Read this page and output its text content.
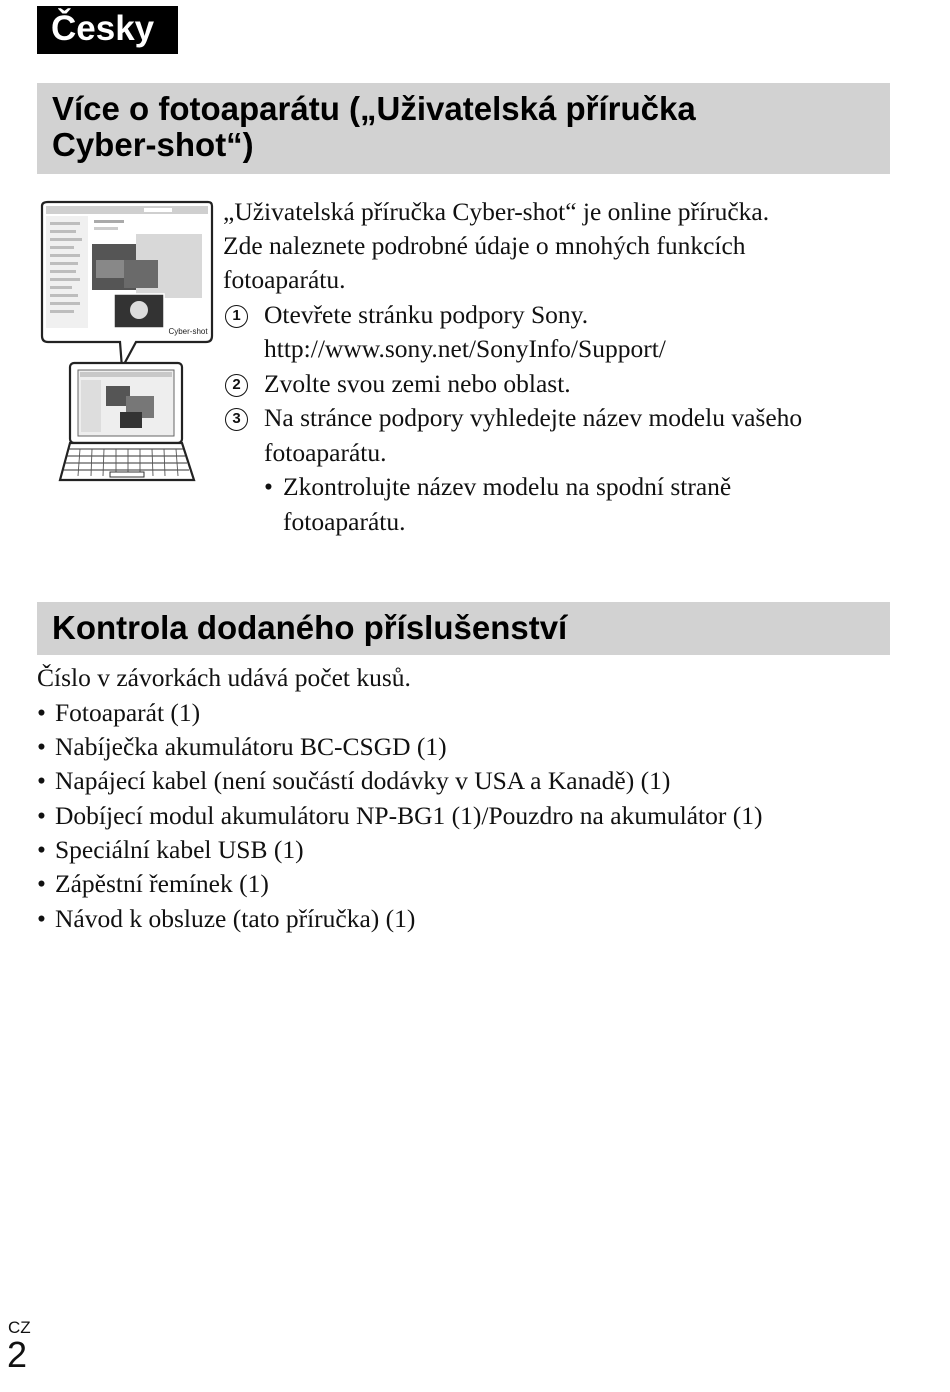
Česky
Více o fotoaparátu („Uživatelská příručka
Cyber-shot“)
Cyber-shot
„Uživatelská příručka Cyber-shot“ je online příručka.
Zde naleznete podrobné údaje o mnohých funkcích
fotoaparátu.
1 Otevřete stránku podpory Sony.
http://www.sony.net/SonyInfo/Support/
2 Zvolte svou zemi nebo oblast.
3 Na stránce podpory vyhledejte název modelu vašeho
fotoaparátu.
• Zkontrolujte název modelu na spodní straně
fotoaparátu.
Kontrola dodaného příslušenství
Číslo v závorkách udává počet kusů.
• Fotoaparát (1)
• Nabíječka akumulátoru BC-CSGD (1)
• Napájecí kabel (není součástí dodávky v USA a Kanadě) (1)
• Dobíjecí modul akumulátoru NP-BG1 (1)/Pouzdro na akumulátor (1)
• Speciální kabel USB (1)
• Zápěstní řemínek (1)
• Návod k obsluze (tato příručka) (1)
CZ
2
